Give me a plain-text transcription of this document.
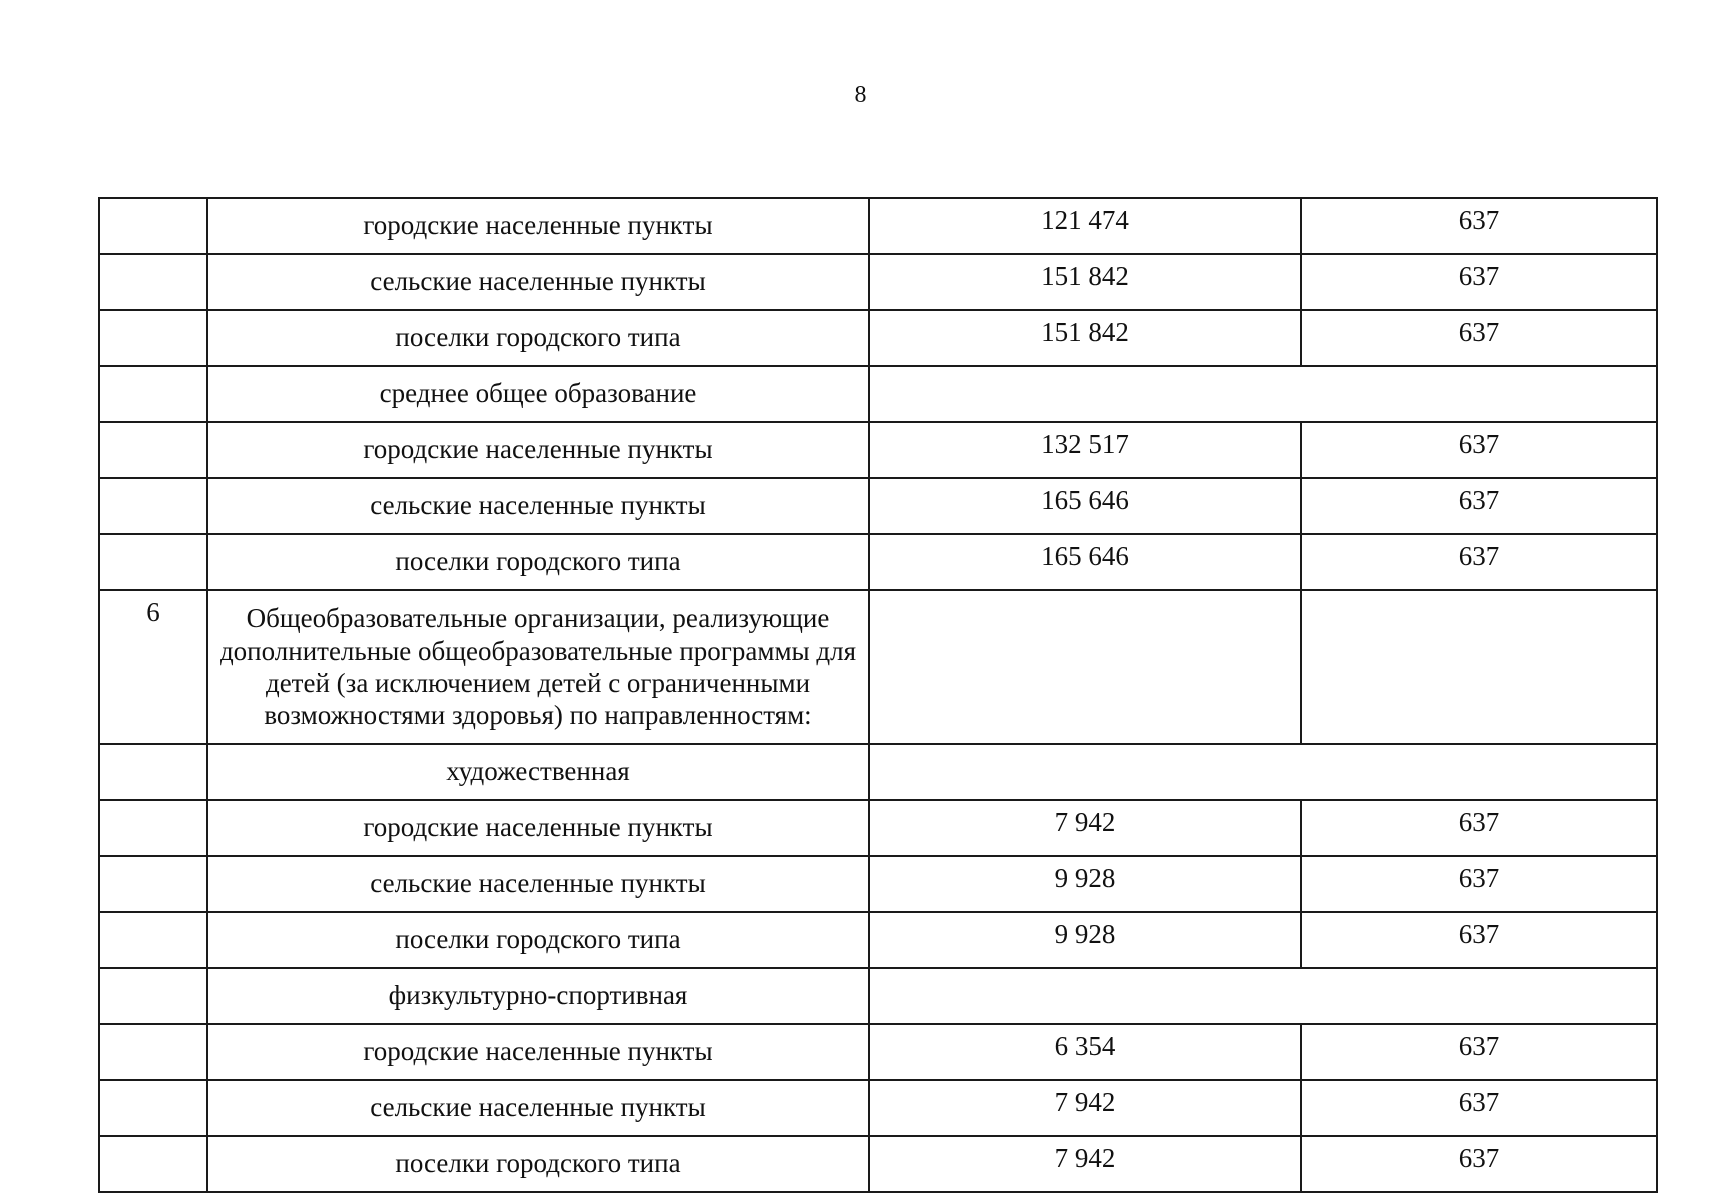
8
	городские населенные пункты	121 474	637
	сельские населенные пункты	151 842	637
	поселки городского типа	151 842	637
	среднее общее образование		
	городские населенные пункты	132 517	637
	сельские населенные пункты	165 646	637
	поселки городского типа	165 646	637
6	Общеобразовательные организации, реализующие дополнительные общеобразовательные программы для детей (за исключением детей с ограниченными возможностями здоровья) по направленностям:		
	художественная		
	городские населенные пункты	7 942	637
	сельские населенные пункты	9 928	637
	поселки городского типа	9 928	637
	физкультурно-спортивная		
	городские населенные пункты	6 354	637
	сельские населенные пункты	7 942	637
	поселки городского типа	7 942	637
